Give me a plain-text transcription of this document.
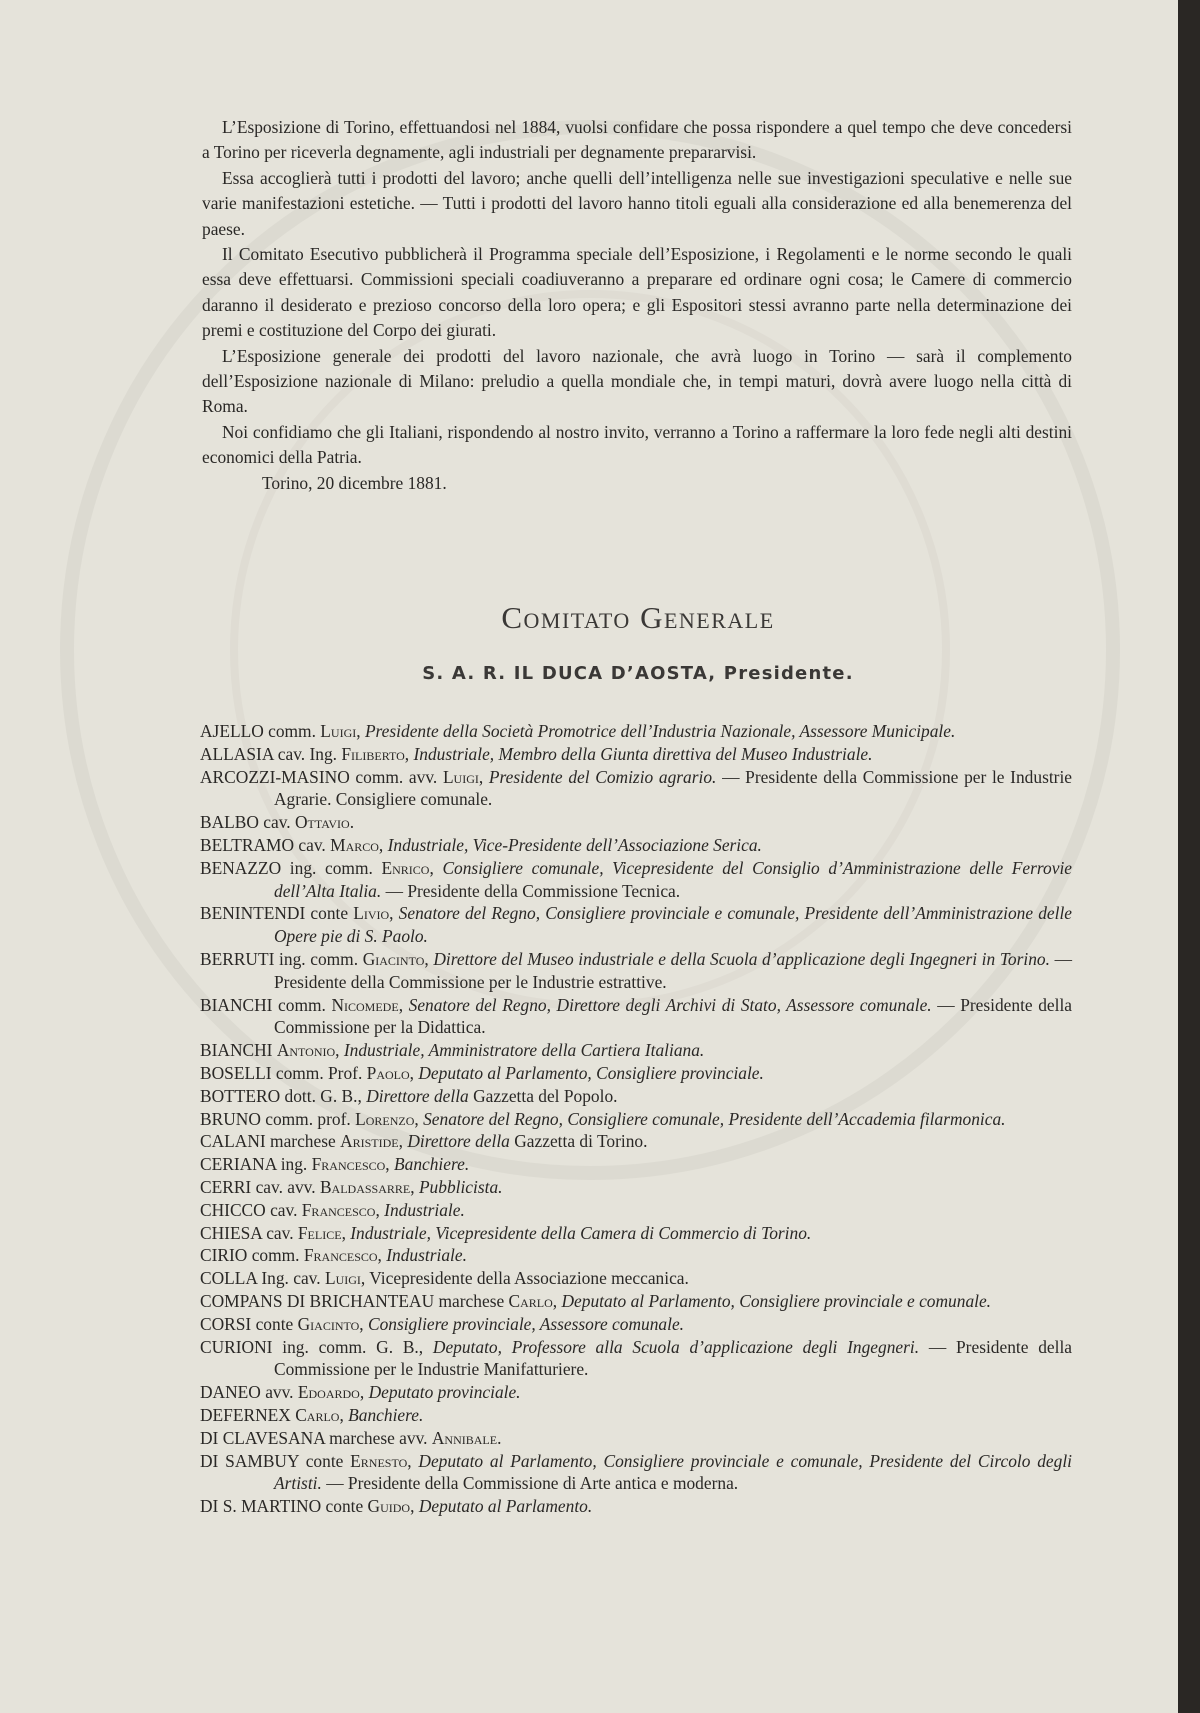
L’Esposizione di Torino, effettuandosi nel 1884, vuolsi confidare che possa rispondere a quel tempo che deve concedersi a Torino per riceverla degnamente, agli industriali per degnamente prepararvisi.

Essa accoglierà tutti i prodotti del lavoro; anche quelli dell’intelligenza nelle sue investigazioni speculative e nelle sue varie manifestazioni estetiche. — Tutti i prodotti del lavoro hanno titoli eguali alla considerazione ed alla benemerenza del paese.

Il Comitato Esecutivo pubblicherà il Programma speciale dell’Esposizione, i Regolamenti e le norme secondo le quali essa deve effettuarsi. Commissioni speciali coadiuveranno a preparare ed ordinare ogni cosa; le Camere di commercio daranno il desiderato e prezioso concorso della loro opera; e gli Espositori stessi avranno parte nella determinazione dei premi e costituzione del Corpo dei giurati.

L’Esposizione generale dei prodotti del lavoro nazionale, che avrà luogo in Torino — sarà il complemento dell’Esposizione nazionale di Milano: preludio a quella mondiale che, in tempi maturi, dovrà avere luogo nella città di Roma.

Noi confidiamo che gli Italiani, rispondendo al nostro invito, verranno a Torino a raffermare la loro fede negli alti destini economici della Patria.

Torino, 20 dicembre 1881.

Comitato Generale
S. A. R. IL DUCA D’AOSTA, Presidente.
AJELLO comm. Luigi, Presidente della Società Promotrice dell’Industria Nazionale, Assessore Municipale.
ALLASIA cav. Ing. Filiberto, Industriale, Membro della Giunta direttiva del Museo Industriale.
ARCOZZI-MASINO comm. avv. Luigi, Presidente del Comizio agrario. — Presidente della Commissione per le Industrie Agrarie. Consigliere comunale.
BALBO cav. Ottavio.
BELTRAMO cav. Marco, Industriale, Vice-Presidente dell’Associazione Serica.
BENAZZO ing. comm. Enrico, Consigliere comunale, Vicepresidente del Consiglio d’Amministrazione delle Ferrovie dell’Alta Italia. — Presidente della Commissione Tecnica.
BENINTENDI conte Livio, Senatore del Regno, Consigliere provinciale e comunale, Presidente dell’Amministrazione delle Opere pie di S. Paolo.
BERRUTI ing. comm. Giacinto, Direttore del Museo industriale e della Scuola d’applicazione degli Ingegneri in Torino. — Presidente della Commissione per le Industrie estrattive.
BIANCHI comm. Nicomede, Senatore del Regno, Direttore degli Archivi di Stato, Assessore comunale. — Presidente della Commissione per la Didattica.
BIANCHI Antonio, Industriale, Amministratore della Cartiera Italiana.
BOSELLI comm. Prof. Paolo, Deputato al Parlamento, Consigliere provinciale.
BOTTERO dott. G. B., Direttore della Gazzetta del Popolo.
BRUNO comm. prof. Lorenzo, Senatore del Regno, Consigliere comunale, Presidente dell’Accademia filarmonica.
CALANI marchese Aristide, Direttore della Gazzetta di Torino.
CERIANA ing. Francesco, Banchiere.
CERRI cav. avv. Baldassarre, Pubblicista.
CHICCO cav. Francesco, Industriale.
CHIESA cav. Felice, Industriale, Vicepresidente della Camera di Commercio di Torino.
CIRIO comm. Francesco, Industriale.
COLLA Ing. cav. Luigi, Vicepresidente della Associazione meccanica.
COMPANS DI BRICHANTEAU marchese Carlo, Deputato al Parlamento, Consigliere provinciale e comunale.
CORSI conte Giacinto, Consigliere provinciale, Assessore comunale.
CURIONI ing. comm. G. B., Deputato, Professore alla Scuola d’applicazione degli Ingegneri. — Presidente della Commissione per le Industrie Manifatturiere.
DANEO avv. Edoardo, Deputato provinciale.
DEFERNEX Carlo, Banchiere.
DI CLAVESANA marchese avv. Annibale.
DI SAMBUY conte Ernesto, Deputato al Parlamento, Consigliere provinciale e comunale, Presidente del Circolo degli Artisti. — Presidente della Commissione di Arte antica e moderna.
DI S. MARTINO conte Guido, Deputato al Parlamento.
